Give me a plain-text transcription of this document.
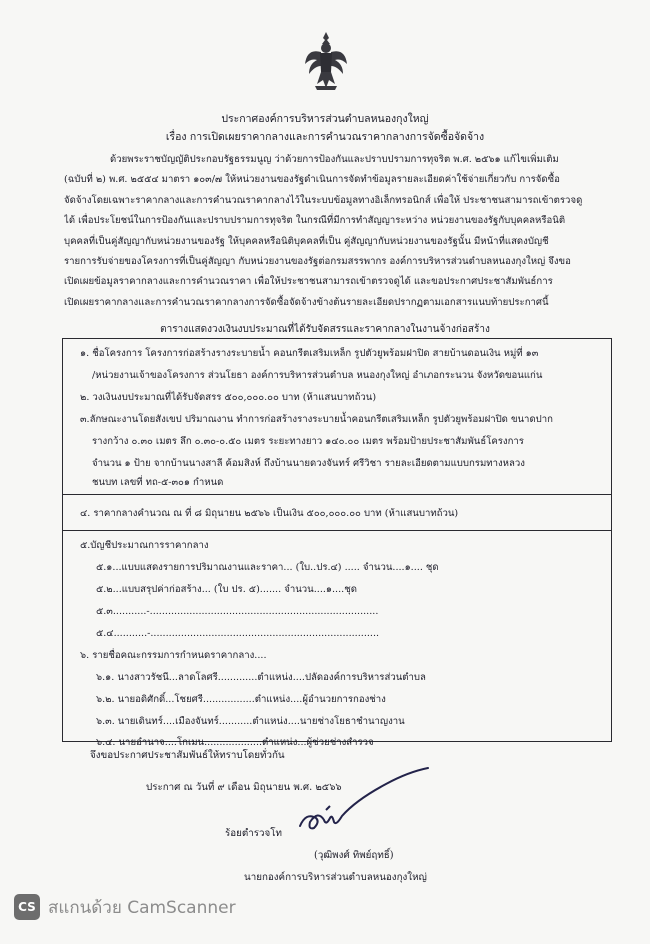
ประกาศองค์การบริหารส่วนตำบลหนองกุงใหญ่
เรื่อง การเปิดเผยราคากลางและการคำนวณราคากลางการจัดซื้อจัดจ้าง
ด้วยพระราชบัญญัติประกอบรัฐธรรมนูญ ว่าด้วยการป้องกันและปราบปรามการทุจริต พ.ศ. ๒๕๖๑ แก้ไขเพิ่มเติม
(ฉบับที่ ๒) พ.ศ. ๒๕๕๔ มาตรา ๑๐๓/๗ ให้หน่วยงานของรัฐดำเนินการจัดทำข้อมูลรายละเอียดค่าใช้จ่ายเกี่ยวกับ การจัดซื้อ
จัดจ้างโดยเฉพาะราคากลางและการคำนวณราคากลางไว้ในระบบข้อมูลทางอิเล็กทรอนิกส์ เพื่อให้ ประชาชนสามารถเข้าตรวจดู
ได้ เพื่อประโยชน์ในการป้องกันและปราบปรามการทุจริต ในกรณีที่มีการทำสัญญาระหว่าง หน่วยงานของรัฐกับบุคคลหรือนิติ
บุคคลที่เป็นคู่สัญญากับหน่วยงานของรัฐ ให้บุคคลหรือนิติบุคคลที่เป็น คู่สัญญากับหน่วยงานของรัฐนั้น มีหน้าที่แสดงบัญชี
รายการรับจ่ายของโครงการที่เป็นคู่สัญญา กับหน่วยงานของรัฐต่อกรมสรรพากร องค์การบริหารส่วนตำบลหนองกุงใหญ่ จึงขอ
เปิดเผยข้อมูลราคากลางและการคำนวณราคา เพื่อให้ประชาชนสามารถเข้าตรวจดูได้ และขอประกาศประชาสัมพันธ์การ
เปิดเผยราคากลางและการคำนวณราคากลางการจัดซื้อจัดจ้างข้างต้นรายละเอียดปรากฏตามเอกสารแนบท้ายประกาศนี้
ตารางแสดงวงเงินงบประมาณที่ได้รับจัดสรรและราคากลางในงานจ้างก่อสร้าง
๑. ชื่อโครงการ โครงการก่อสร้างรางระบายน้ำ คอนกรีตเสริมเหล็ก รูปตัวยูพร้อมฝาปิด สายบ้านดอนเงิน หมู่ที่ ๑๓
/หน่วยงานเจ้าของโครงการ ส่วนโยธา องค์การบริหารส่วนตำบล หนองกุงใหญ่ อำเภอกระนวน จังหวัดขอนแก่น
๒. วงเงินงบประมาณที่ได้รับจัดสรร ๕๐๐,๐๐๐.๐๐ บาท (ห้าแสนบาทถ้วน)
๓.ลักษณะงานโดยสังเขป ปริมาณงาน ทำการก่อสร้างรางระบายน้ำคอนกรีตเสริมเหล็ก รูปตัวยูพร้อมฝาปิด ขนาดปาก
รางกว้าง ๐.๓๐ เมตร ลึก ๐.๓๐-๐.๕๐ เมตร ระยะทางยาว ๑๔๐.๐๐ เมตร พร้อมป้ายประชาสัมพันธ์โครงการ
จำนวน ๑ ป้าย จากบ้านนางสาลี ค้อมสิงห์ ถึงบ้านนายดวงจันทร์ ศรีวิชา รายละเอียดตามแบบกรมทางหลวง
ชนบท เลขที่ ทถ-๕-๓๐๑ กำหนด
๔. ราคากลางคำนวณ ณ ที่ ๘ มิถุนายน ๒๕๖๖ เป็นเงิน ๕๐๐,๐๐๐.๐๐ บาท (ห้าแสนบาทถ้วน)
๕.บัญชีประมาณการราคากลาง
๕.๑...แบบแสดงรายการปริมาณงานและราคา... (ใบ..ปร.๔) ..... จำนวน....๑.... ชุด
๕.๒...แบบสรุปค่าก่อสร้าง... (ใบ ปร. ๕)....... จำนวน....๑....ชุด
๕.๓...........-...........................................................................
๕.๔...........-...........................................................................
๖. รายชื่อคณะกรรมการกำหนดราคากลาง....
๖.๑. นางสาวรัชนี...ลาดโลศรี.............ตำแหน่ง....ปลัดองค์การบริหารส่วนตำบล
๖.๒. นายอดิศักดิ์...โชยศรี.................ตำแหน่ง....ผู้อำนวยการกองช่าง
๖.๓. นายเดินทร์....เมืองจันทร์...........ตำแหน่ง....นายช่างโยธาชำนาญงาน
๖.๔. นายอำนาจ....โกเมน...................ตำแหน่ง...ผู้ช่วยช่างสำรวจ
จึงขอประกาศประชาสัมพันธ์ให้ทราบโดยทั่วกัน
ประกาศ ณ วันที่ ๙ เดือน มิถุนายน พ.ศ. ๒๕๖๖
ร้อยตำรวจโท
(วุฒิพงศ์ ทิพย์ฤทธิ์)
นายกองค์การบริหารส่วนตำบลหนองกุงใหญ่
CS สแกนด้วย CamScanner
